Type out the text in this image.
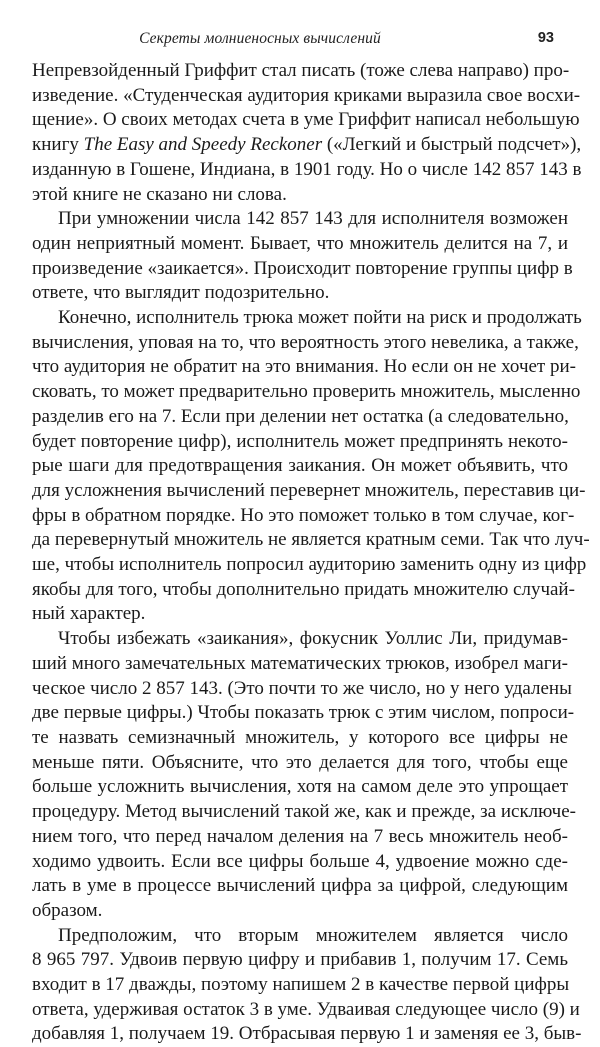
Секреты молниеносных вычислений	93

Непревзойденный Гриффит стал писать (тоже слева направо) про-
изведение. «Студенческая аудитория криками выразила свое восхи-
щение». О своих методах счета в уме Гриффит написал небольшую
книгу The Easy and Speedy Reckoner («Легкий и быстрый подсчет»),
изданную в Гошене, Индиана, в 1901 году. Но о числе 142 857 143 в
этой книге не сказано ни слова.

При умножении числа 142 857 143 для исполнителя возможен
один неприятный момент. Бывает, что множитель делится на 7, и
произведение «заикается». Происходит повторение группы цифр в
ответе, что выглядит подозрительно.

Конечно, исполнитель трюка может пойти на риск и продолжать
вычисления, уповая на то, что вероятность этого невелика, а также,
что аудитория не обратит на это внимания. Но если он не хочет ри-
сковать, то может предварительно проверить множитель, мысленно
разделив его на 7. Если при делении нет остатка (а следовательно,
будет повторение цифр), исполнитель может предпринять некото-
рые шаги для предотвращения заикания. Он может объявить, что
для усложнения вычислений перевернет множитель, переставив ци-
фры в обратном порядке. Но это поможет только в том случае, ког-
да перевернутый множитель не является кратным семи. Так что луч-
ше, чтобы исполнитель попросил аудиторию заменить одну из цифр
якобы для того, чтобы дополнительно придать множителю случай-
ный характер.

Чтобы избежать «заикания», фокусник Уоллис Ли, придумав-
ший много замечательных математических трюков, изобрел маги-
ческое число 2 857 143. (Это почти то же число, но у него удалены
две первые цифры.) Чтобы показать трюк с этим числом, попроси-
те назвать семизначный множитель, у которого все цифры не
меньше пяти. Объясните, что это делается для того, чтобы еще
больше усложнить вычисления, хотя на самом деле это упрощает
процедуру. Метод вычислений такой же, как и прежде, за исключе-
нием того, что перед началом деления на 7 весь множитель необ-
ходимо удвоить. Если все цифры больше 4, удвоение можно сде-
лать в уме в процессе вычислений цифра за цифрой, следующим
образом.

Предположим, что вторым множителем является число
8 965 797. Удвоив первую цифру и прибавив 1, получим 17. Семь
входит в 17 дважды, поэтому напишем 2 в качестве первой цифры
ответа, удерживая остаток 3 в уме. Удваивая следующее число (9) и
добавляя 1, получаем 19. Отбрасывая первую 1 и заменяя ее 3, быв-
